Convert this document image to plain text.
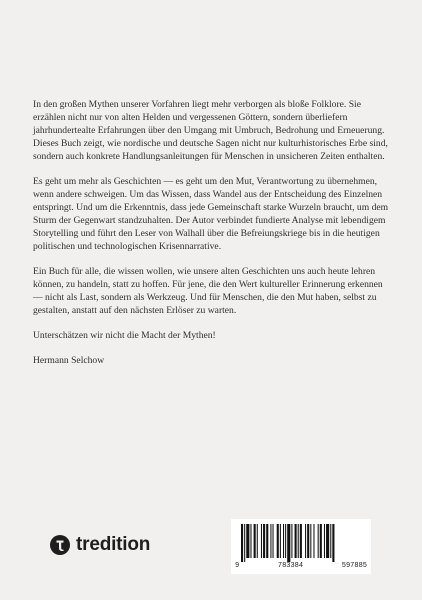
In den großen Mythen unserer Vorfahren liegt mehr verborgen als bloße Folklore. Sie erzählen nicht nur von alten Helden und vergessenen Göttern, sondern überliefern jahrhundertealte Erfahrungen über den Umgang mit Umbruch, Bedrohung und Erneuerung. Dieses Buch zeigt, wie nordische und deutsche Sagen nicht nur kulturhistorisches Erbe sind, sondern auch konkrete Handlungsanleitungen für Menschen in unsicheren Zeiten enthalten.

Es geht um mehr als Geschichten — es geht um den Mut, Verantwortung zu übernehmen, wenn andere schweigen. Um das Wissen, dass Wandel aus der Entscheidung des Einzelnen entspringt. Und um die Erkenntnis, dass jede Gemeinschaft starke Wurzeln braucht, um dem Sturm der Gegenwart standzuhalten. Der Autor verbindet fundierte Analyse mit lebendigem Storytelling und führt den Leser von Walhall über die Befreiungskriege bis in die heutigen politischen und technologischen Krisennarrative.

Ein Buch für alle, die wissen wollen, wie unsere alten Geschichten uns auch heute lehren können, zu handeln, statt zu hoffen. Für jene, die den Wert kultureller Erinnerung erkennen — nicht als Last, sondern als Werkzeug. Und für Menschen, die den Mut haben, selbst zu gestalten, anstatt auf den nächsten Erlöser zu warten.

Unterschätzen wir nicht die Macht der Mythen!

Hermann Selchow

tredition
9	783384	597885
